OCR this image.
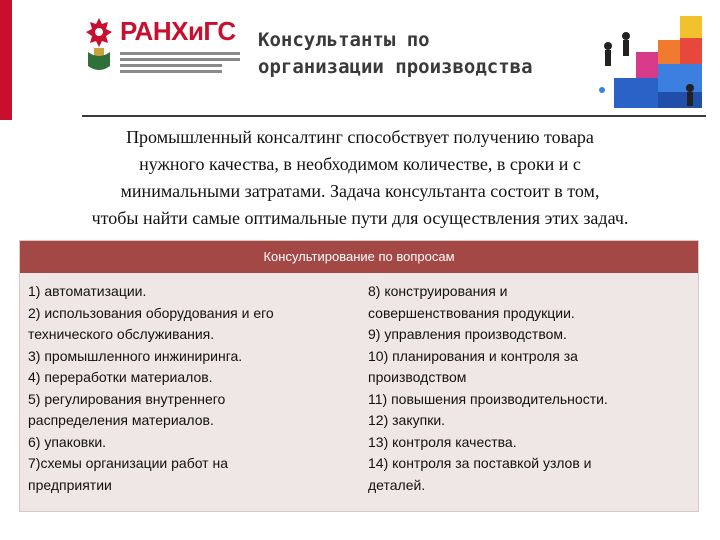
РАНХиГС Консультанты по
организации производства
Промышленный консалтинг способствует получению товара
нужного качества, в необходимом количестве, в сроки и с
минимальными затратами. Задача консультанта состоит в том,
чтобы найти самые оптимальные пути для осуществления этих задач.
Консультирование по вопросам
1) автоматизации.
2) использования оборудования и его
технического обслуживания.
3) промышленного инжиниринга.
4) переработки материалов.
5) регулирования внутреннего
распределения материалов.
6) упаковки.
7)схемы организации работ на
предприятии
8) конструирования и
совершенствования продукции.
9) управления производством.
10) планирования и контроля за
производством
11) повышения производительности.
12) закупки.
13) контроля качества.
14) контроля за поставкой узлов и
деталей.
